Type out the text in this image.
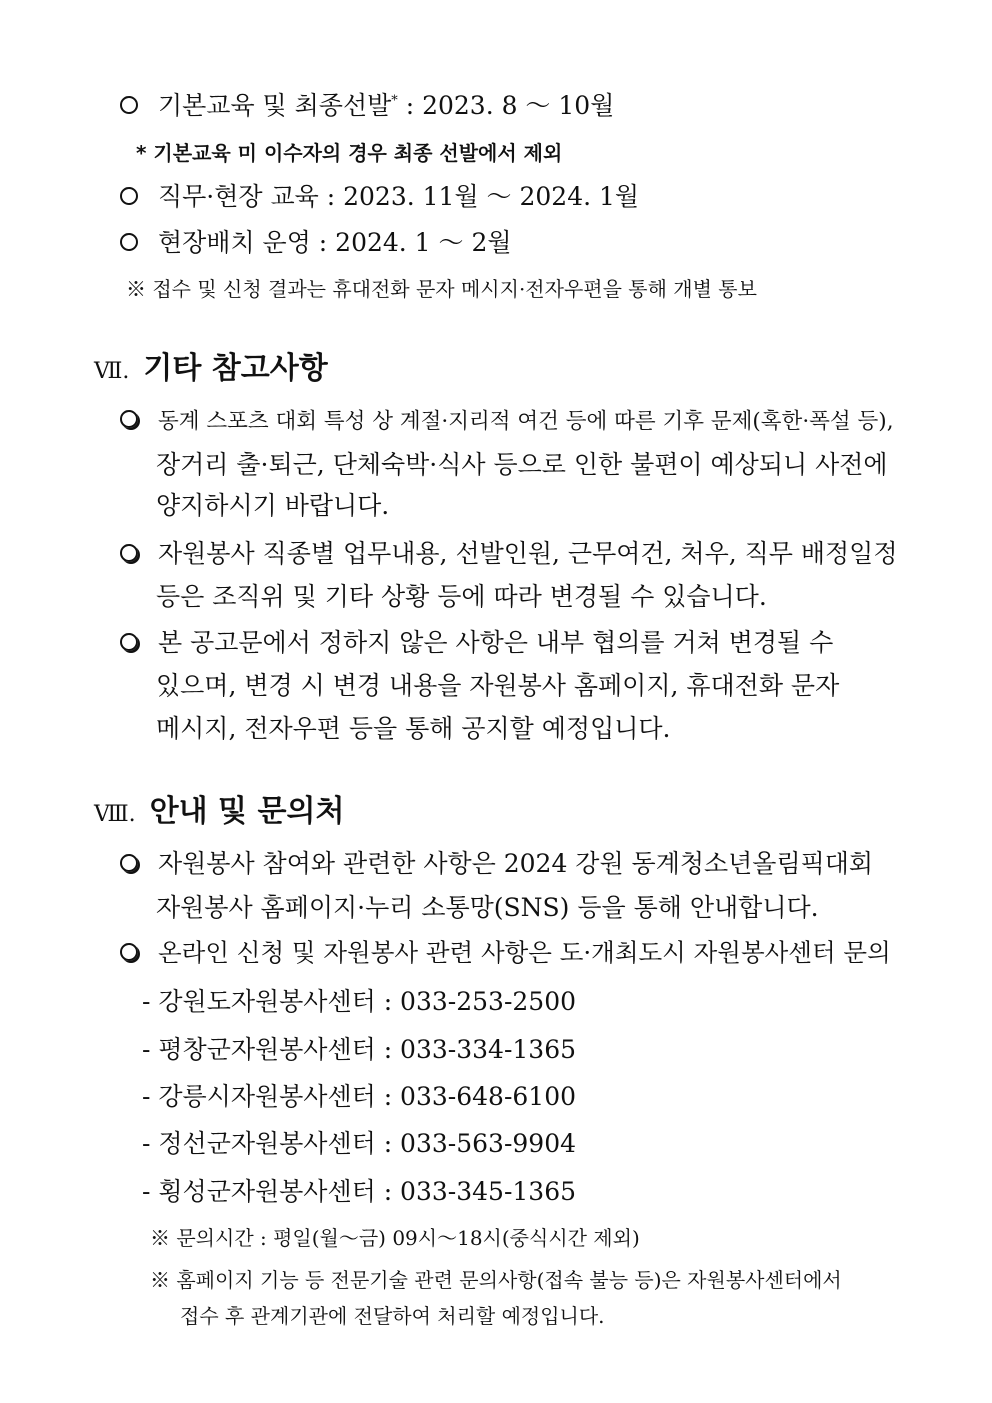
기본교육 및 최종선발* : 2023. 8 ～ 10월
* 기본교육 미 이수자의 경우 최종 선발에서 제외
직무·현장 교육 : 2023. 11월 ～ 2024. 1월
현장배치 운영 : 2024. 1 ～ 2월
※ 접수 및 신청 결과는 휴대전화 문자 메시지·전자우편을 통해 개별 통보
Ⅶ. 기타 참고사항
동계 스포츠 대회 특성 상 계절·지리적 여건 등에 따른 기후 문제(혹한·폭설 등),
장거리 출·퇴근, 단체숙박·식사 등으로 인한 불편이 예상되니 사전에
양지하시기 바랍니다.
자원봉사 직종별 업무내용, 선발인원, 근무여건, 처우, 직무 배정일정
등은 조직위 및 기타 상황 등에 따라 변경될 수 있습니다.
본 공고문에서 정하지 않은 사항은 내부 협의를 거쳐 변경될 수
있으며, 변경 시 변경 내용을 자원봉사 홈페이지, 휴대전화 문자
메시지, 전자우편 등을 통해 공지할 예정입니다.
Ⅷ. 안내 및 문의처
자원봉사 참여와 관련한 사항은 2024 강원 동계청소년올림픽대회
자원봉사 홈페이지·누리 소통망(SNS) 등을 통해 안내합니다.
온라인 신청 및 자원봉사 관련 사항은 도·개최도시 자원봉사센터 문의
- 강원도자원봉사센터 : 033-253-2500
- 평창군자원봉사센터 : 033-334-1365
- 강릉시자원봉사센터 : 033-648-6100
- 정선군자원봉사센터 : 033-563-9904
- 횡성군자원봉사센터 : 033-345-1365
※ 문의시간 : 평일(월～금) 09시～18시(중식시간 제외)
※ 홈페이지 기능 등 전문기술 관련 문의사항(접속 불능 등)은 자원봉사센터에서
접수 후 관계기관에 전달하여 처리할 예정입니다.
